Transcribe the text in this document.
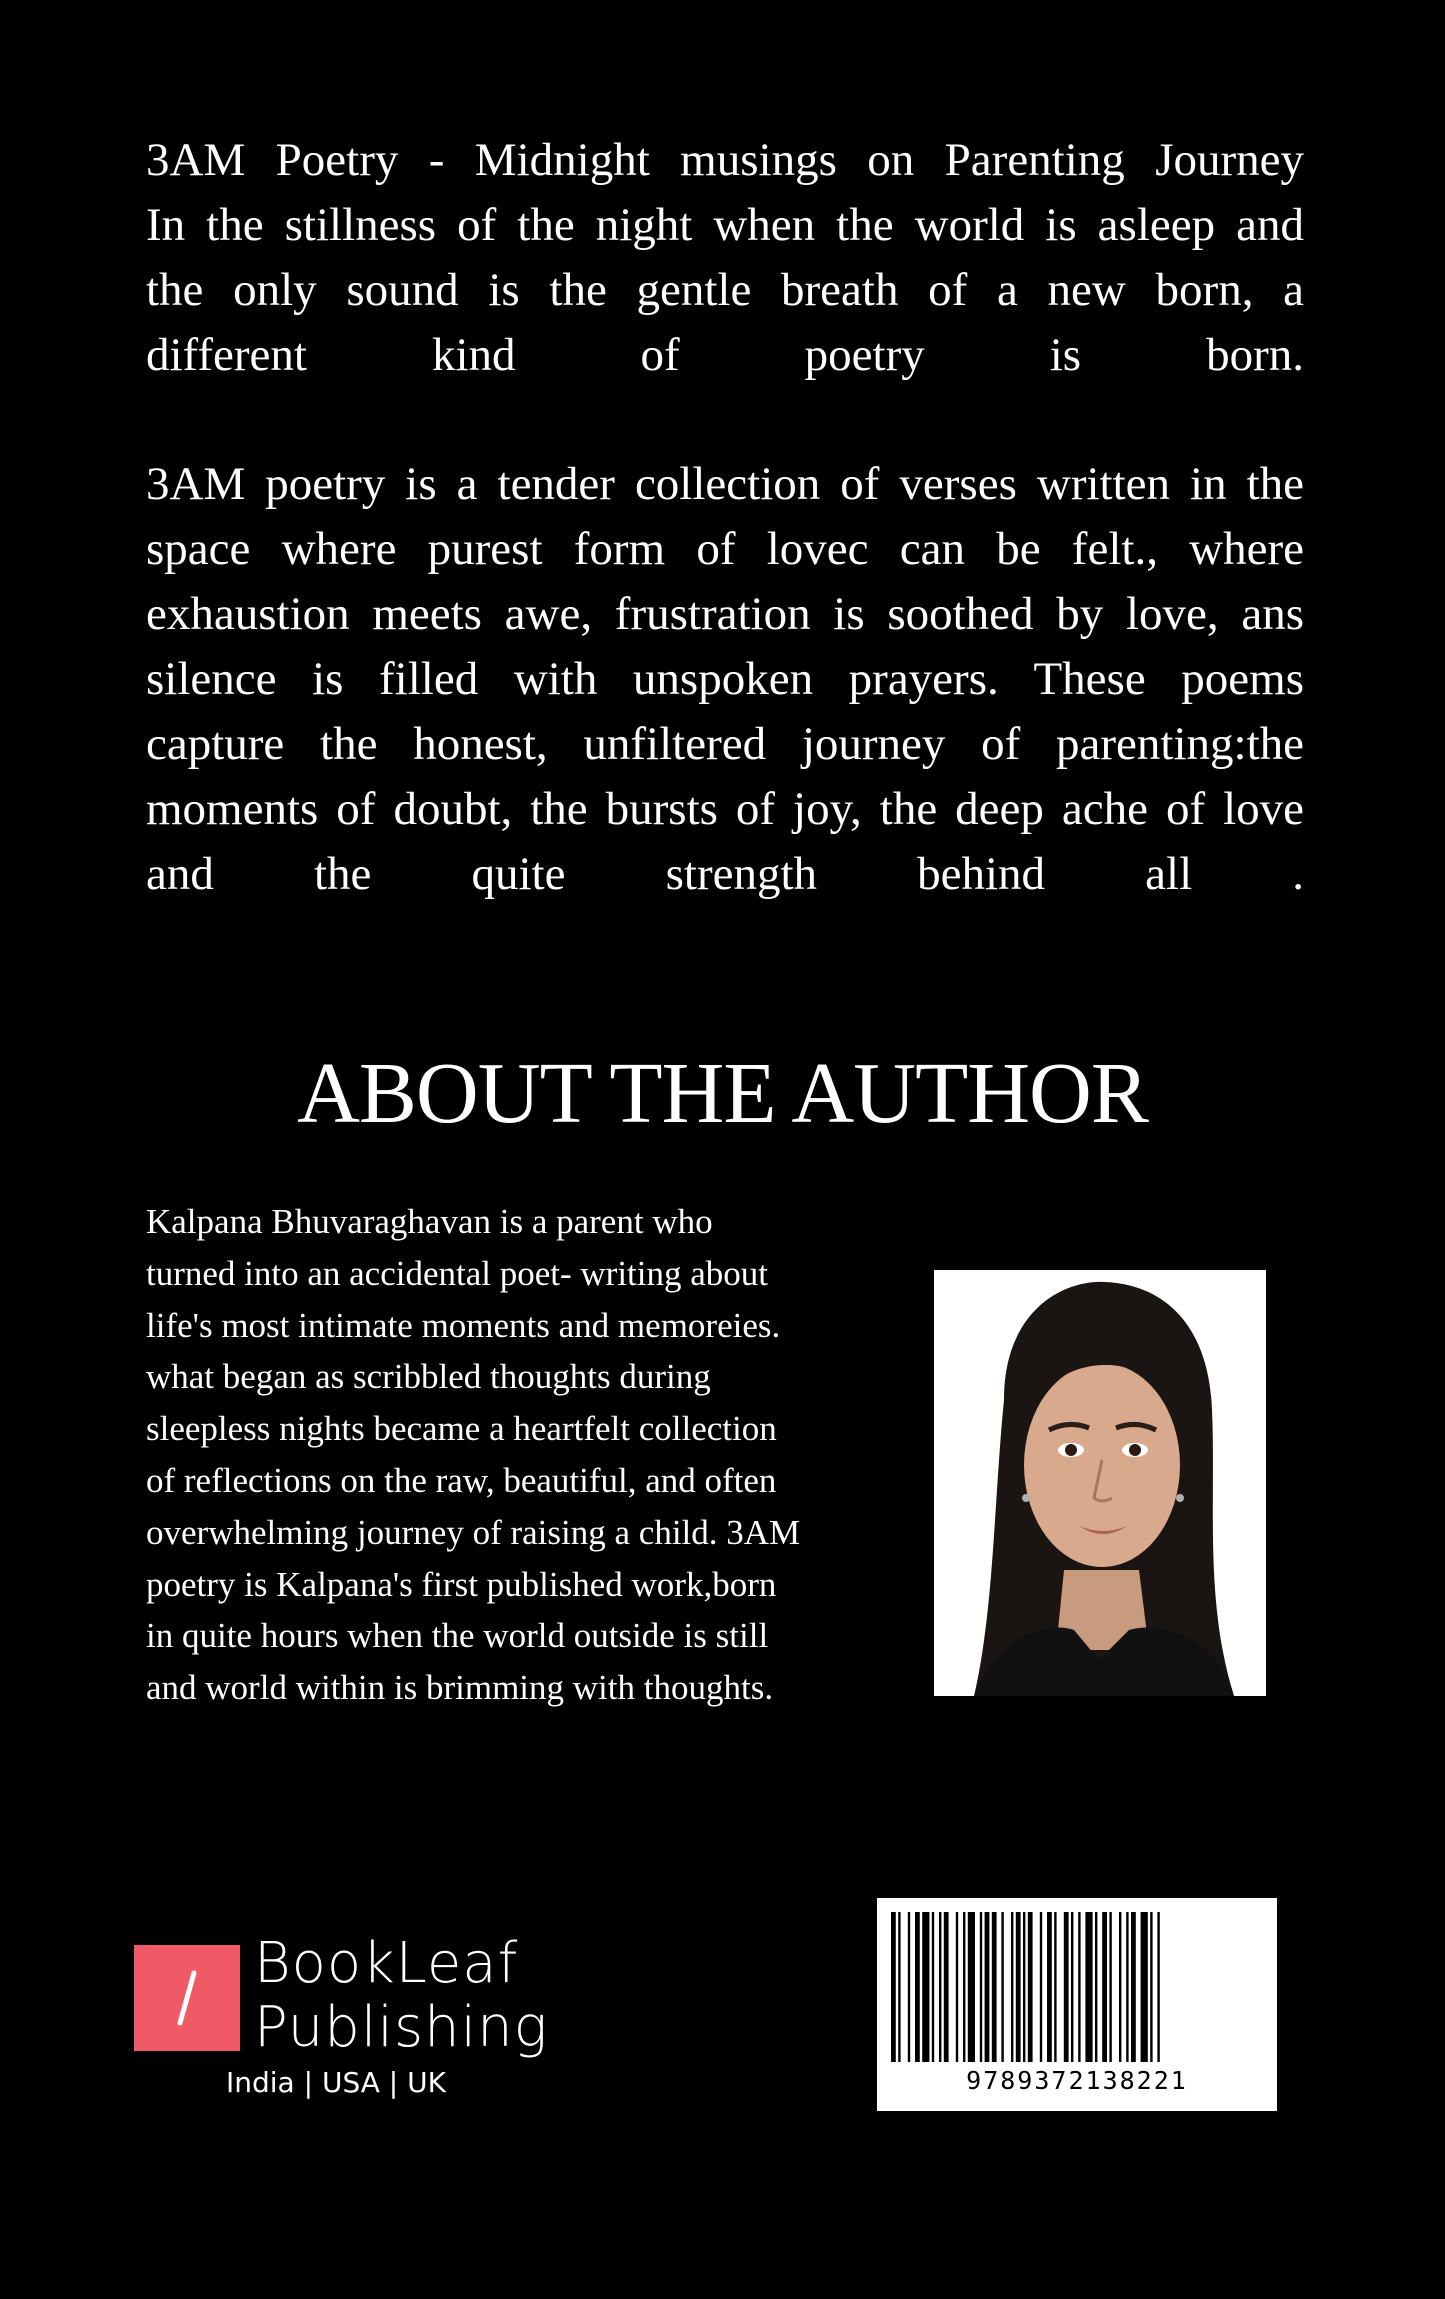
3AM Poetry - Midnight musings on Parenting Journey
In the stillness of the night when the world is asleep and
the only sound is the gentle breath of a new born, a
different kind of poetry is born.
3AM poetry is a tender collection of verses written in the
space where purest form of lovec can be felt., where
exhaustion meets awe, frustration is soothed by love, ans
silence is filled with unspoken prayers. These poems
capture the honest, unfiltered journey of parenting:the
moments of doubt, the bursts of joy, the deep ache of love
and the quite strength behind all .
ABOUT THE AUTHOR
Kalpana Bhuvaraghavan is a parent who
turned into an accidental poet- writing about
life's most intimate moments and memoreies.
what began as scribbled thoughts during
sleepless nights became a heartfelt collection
of reflections on the raw, beautiful, and often
overwhelming journey of raising a child. 3AM
poetry is Kalpana's first published work,born
in quite hours when the world outside is still
and world within is brimming with thoughts.
BookLeaf
Publishing
India | USA | UK	9789372138221
